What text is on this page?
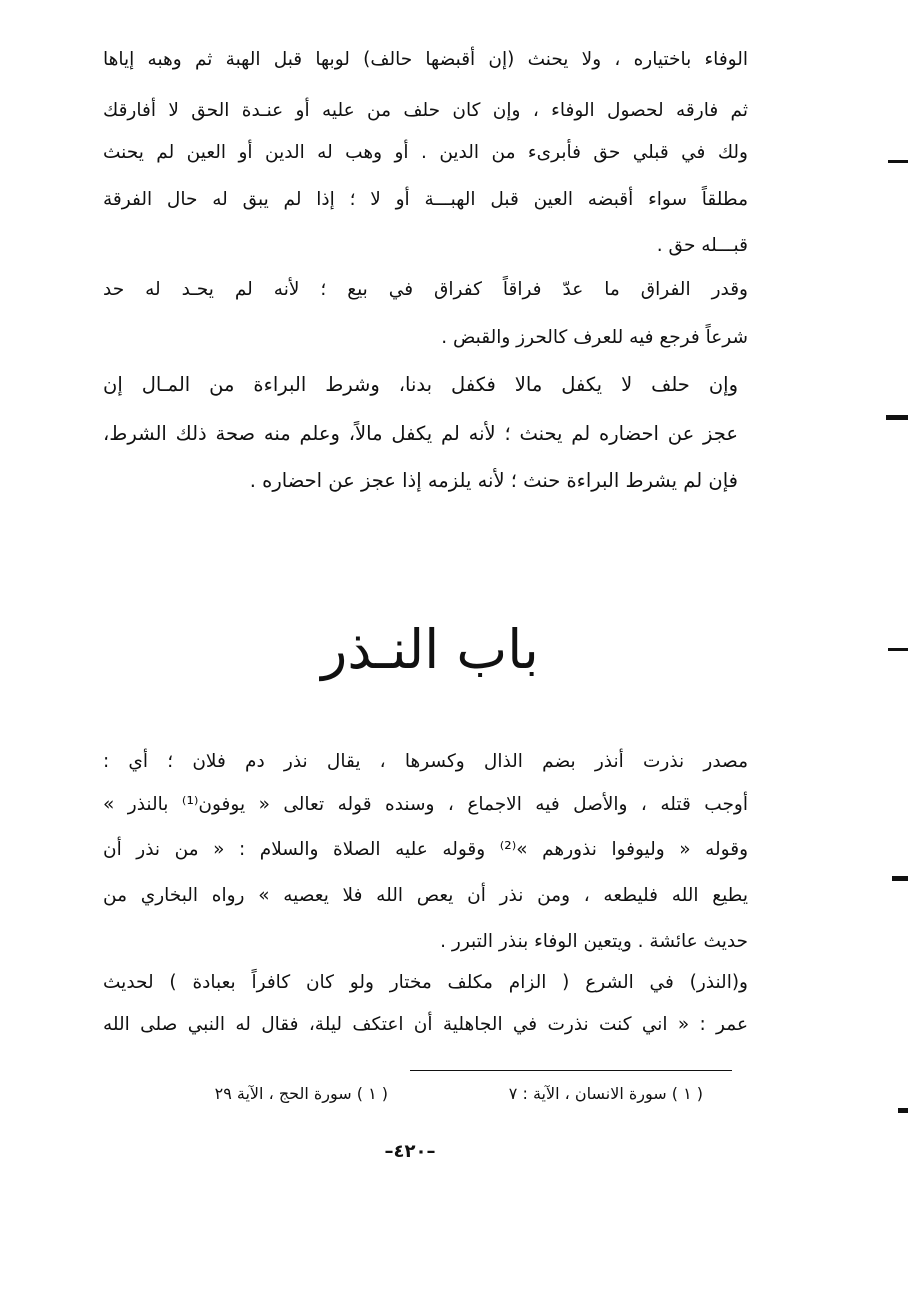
الوفاء باختياره ، ولا يحنث (إن أقبضها حالف) لوبها قبل الهبة ثم وهبه إياها
ثم فارقه لحصول الوفاء ، وإن كان حلف من عليه أو عنـدة الحق لا أفارقك
ولك في قبلي حق فأبرىء من الدين . أو وهب له الدين أو العين لم يحنث
مطلقاً سواء أقبضه العين قبل الهبـــة أو لا ؛ إذا لم يبق له حال الفرقة
قبـــله حق .
وقدر الفراق ما عدّ فراقاً كفراق في بيع ؛ لأنه لم يحـد له حد
شرعاً فرجع فيه للعرف كالحرز والقبض .
وإن حلف لا يكفل مالا فكفل بدنا، وشرط البراءة من المـال إن
عجز عن احضاره لم يحنث ؛ لأنه لم يكفل مالاً، وعلم منه صحة ذلك الشرط،
فإن لم يشرط البراءة حنث ؛ لأنه يلزمه إذا عجز عن احضاره .
باب النـذر
مصدر نذرت أنذر بضم الذال وكسرها ، يقال نذر دم فلان ؛ أي :
أوجب قتله ، والأصل فيه الاجماع ، وسنده قوله تعالى « يوفون⁽¹⁾ بالنذر »
وقوله « وليوفوا نذورهم »⁽²⁾ وقوله عليه الصلاة والسلام : « من نذر أن
يطيع الله فليطعه ، ومن نذر أن يعص الله فلا يعصيه » رواه البخاري من
حديث عائشة . ويتعين الوفاء بنذر التبرر .
و(النذر) في الشرع ( الزام مكلف مختار ولو كان كافراً بعبادة ) لحديث
عمر : « اني كنت نذرت في الجاهلية أن اعتكف ليلة، فقال له النبي صلى الله
( ١ ) سورة الانسان ، الآية : ٧
( ١ ) سورة الحج ، الآية ٢٩
–٤٢٠–
